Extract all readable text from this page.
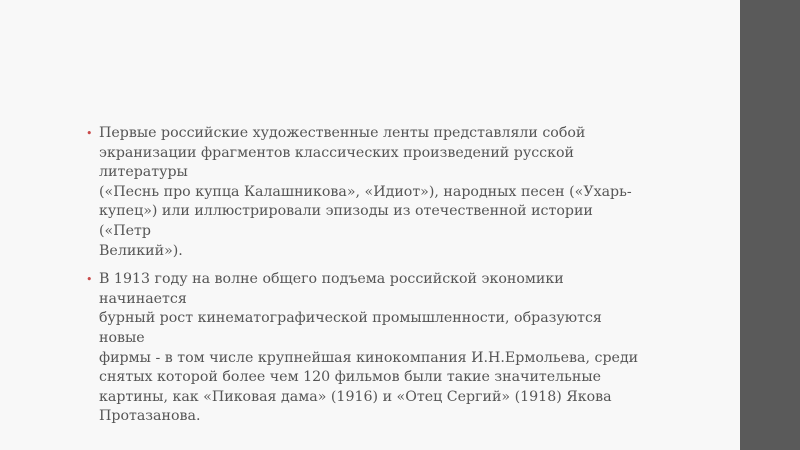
• Первые российские художественные ленты представляли собой
экранизации фрагментов классических произведений русской литературы
(«Песнь про купца Калашникова», «Идиот»), народных песен («Ухарь-
купец») или иллюстрировали эпизоды из отечественной истории («Петр
Великий»).
• В 1913 году на волне общего подъема российской экономики начинается
бурный рост кинематографической промышленности, образуются новые
фирмы - в том числе крупнейшая кинокомпания И.Н.Ермольева, среди
снятых которой более чем 120 фильмов были такие значительные
картины, как «Пиковая дама» (1916) и «Отец Сергий» (1918) Якова
Протазанова.
